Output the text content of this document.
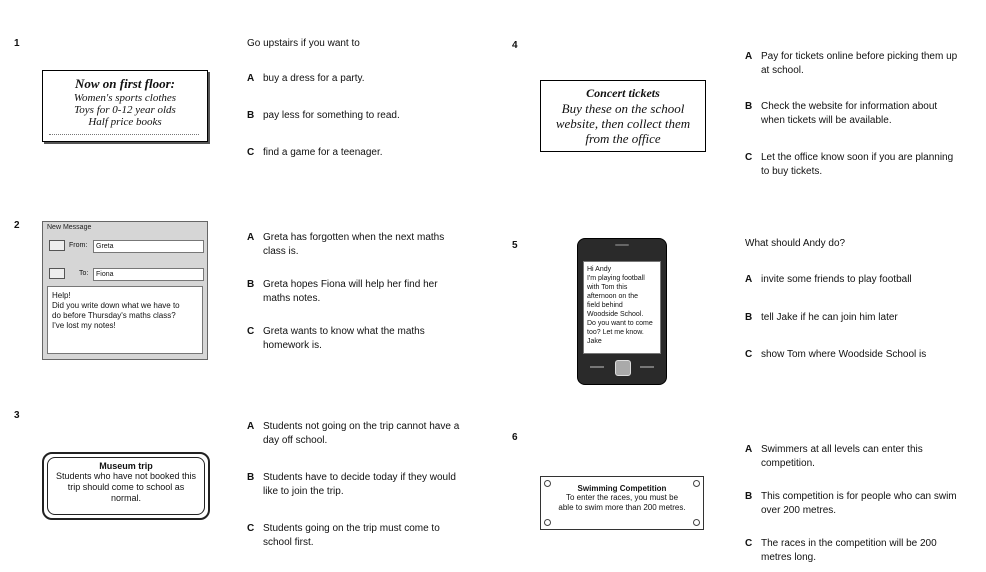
1
Now on first floor:
Women's sports clothes
Toys for 0-12 year olds
Half price books
Go upstairs if you want to
A buy a dress for a party.
B pay less for something to read.
C find a game for a teenager.
2	New Message
From:	Greta
To:	Fiona
Help!
Did you write down what we have to
do before Thursday's maths class?
I've lost my notes!
A Greta has forgotten when the next maths
class is.
B Greta hopes Fiona will help her find her
maths notes.
C Greta wants to know what the maths
homework is.
3
Museum trip
Students who have not booked this
trip should come to school as
normal.
A Students not going on the trip cannot have a
day off school.
B Students have to decide today if they would
like to join the trip.
C Students going on the trip must come to
school first.
4
Concert tickets
Buy these on the school
website, then collect them
from the office
A Pay for tickets online before picking them up
at school.
B Check the website for information about
when tickets will be available.
C Let the office know soon if you are planning
to buy tickets.
5
Hi Andy
I'm playing football
with Tom this
afternoon on the
field behind
Woodside School.
Do you want to come
too? Let me know.
Jake
What should Andy do?
A invite some friends to play football
B tell Jake if he can join him later
C show Tom where Woodside School is
6
Swimming Competition
To enter the races, you must be
able to swim more than 200 metres.
A Swimmers at all levels can enter this
competition.
B This competition is for people who can swim
over 200 metres.
C The races in the competition will be 200
metres long.
